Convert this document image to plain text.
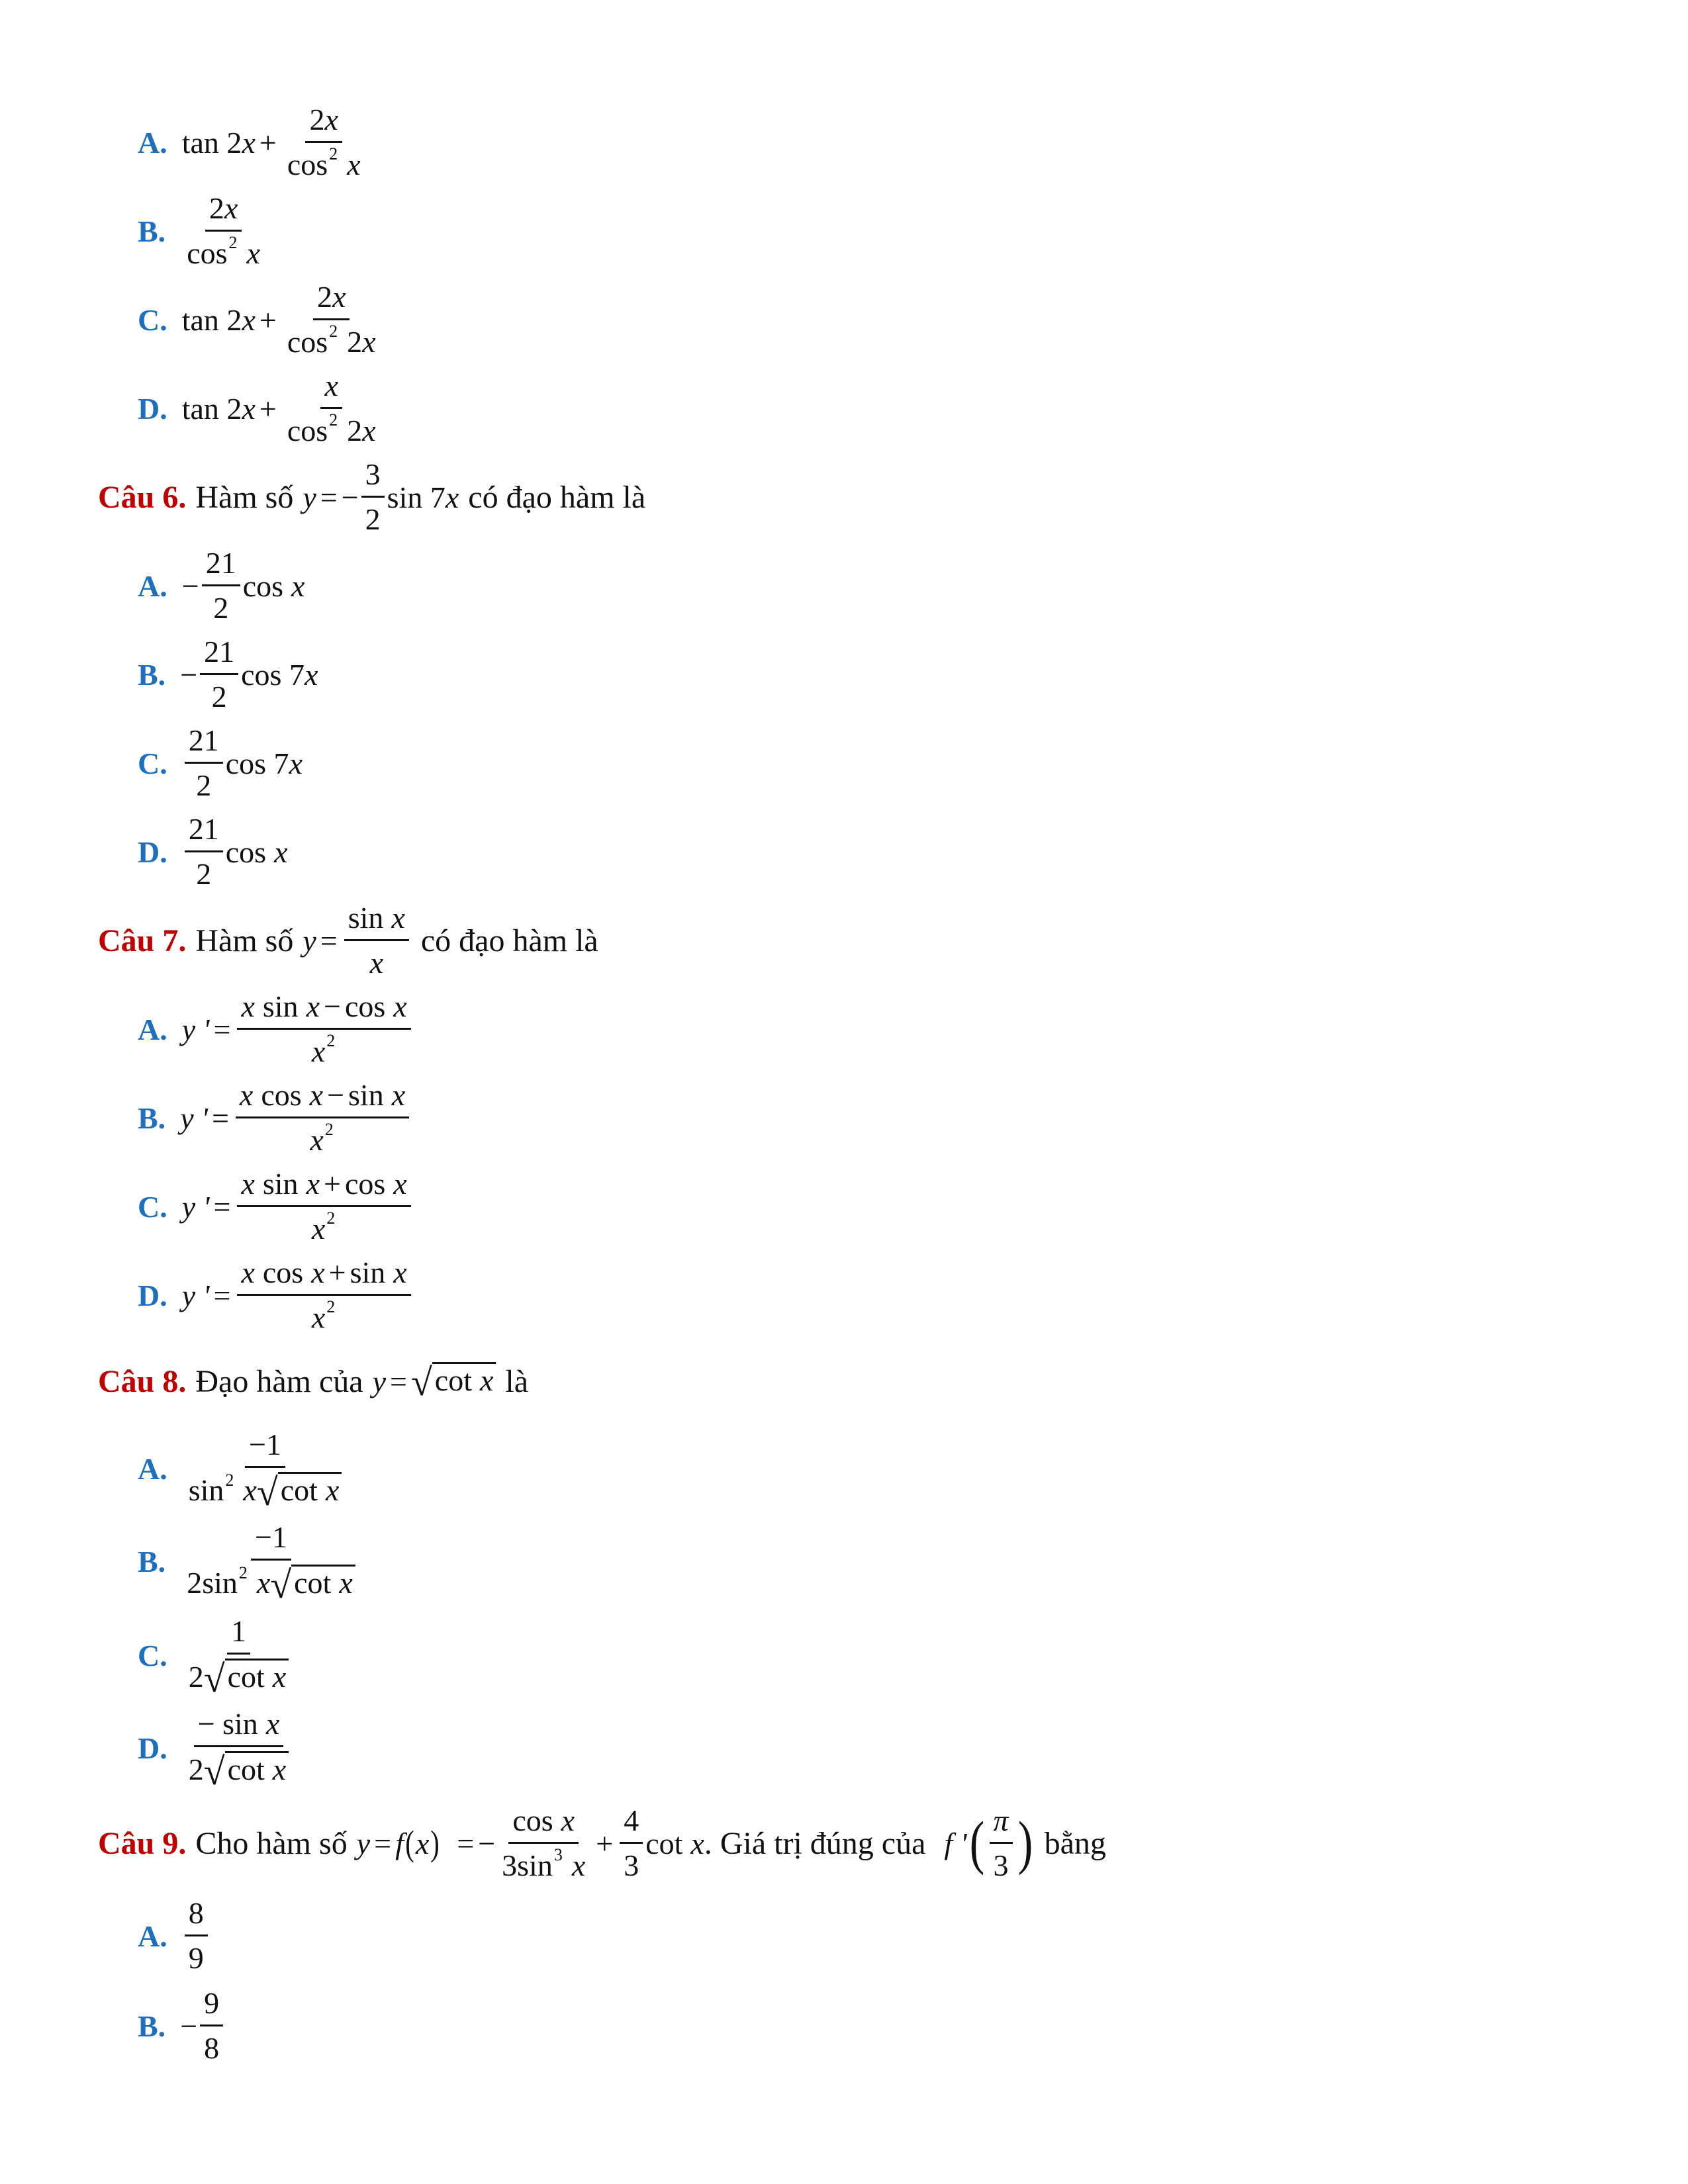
A. tan 2 $x + \frac{2 x}{\cos^2 x}$
B. $\frac{2 x}{\cos^2 x}$
C. tan 2 $x + \frac{2 x}{\cos^2 2 x}$
D. tan 2 $x + \frac{x}{\cos^2 2 x}$
Câu 6. Hàm số y = − $\frac{3}{2}$ sin 7 x có đạo hàm là
A. − $\frac{21}{2}$ cos x
B. − $\frac{21}{2}$ cos 7 x
C. $\frac{21}{2}$ cos 7 x
D. $\frac{21}{2}$ cos x
Câu 7. Hàm số $y = \frac{\text{sin x}}{x}$ có đạo hàm là
A. y ' = $\frac{\text{x sin x − cos x}}{x^2}$
B. y ' = $\frac{\text{x cos x − sin x}}{x^2}$
C. y ' = $\frac{\text{x sin x + cos x}}{x^2}$
D. y ' = $\frac{\text{x cos x + sin x}}{x^2}$
Câu 8. Đạo hàm của y = √ cot x là
A. $\frac{-1}{\sin^2 x √ \cot x}$
B. $\frac{-1}{2 \sin^2 x √ \cot x}$
C. $\frac{1}{\text{2 √ cot x}}$
D. $\frac{\text{− sin x}}{\text{2 √ cot x}}$
Câu 9. Cho hàm số y = f ( x ) = − $\frac{\text{cos x}}{3 \sin^3 x} + \frac{4}{3}$ cot x . Giá trị đúng của f ' ( $\frac{\pi}{3}$ ) bằng
A. $\frac{8}{9}$
B. − $\frac{9}{8}$
